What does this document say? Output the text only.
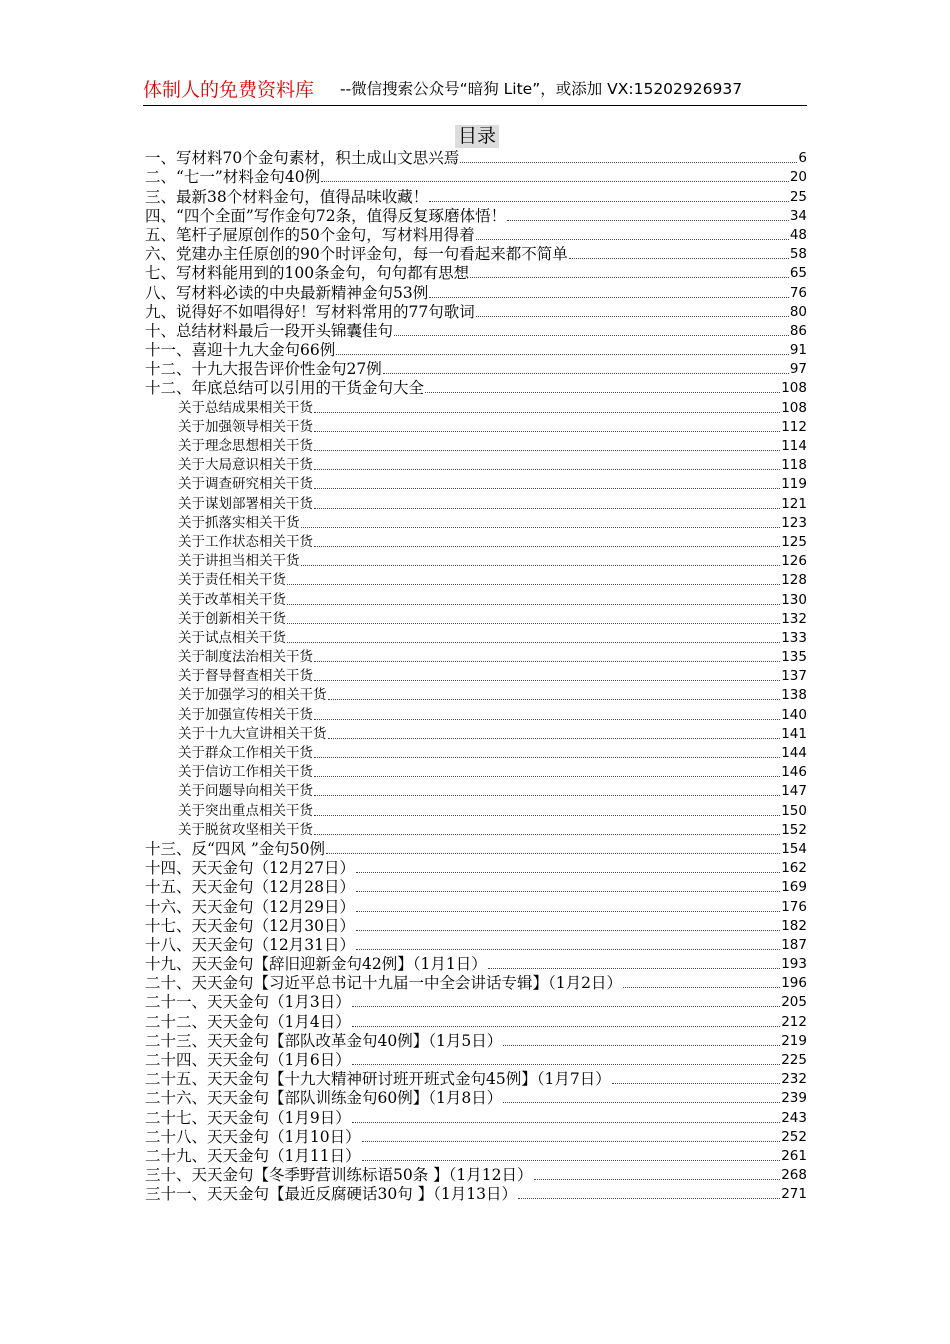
体制人的免费资料库 --微信搜索公众号“暗狗 Lite”，或添加 VX:15202926937
目录
一、写材料70个金句素材，积土成山文思兴焉	6
二、“七一”材料金句40例	20
三、最新38个材料金句，值得品味收藏！	25
四、“四个全面”写作金句72条，值得反复琢磨体悟！	34
五、笔杆子屉原创作的50个金句，写材料用得着	48
六、党建办主任原创的90个时评金句，每一句看起来都不简单	58
七、写材料能用到的100条金句，句句都有思想	65
八、写材料必读的中央最新精神金句53例	76
九、说得好不如唱得好！写材料常用的77句歌词	80
十、总结材料最后一段开头锦囊佳句	86
十一、喜迎十九大金句66例	91
十二、十九大报告评价性金句27例	97
十二、年底总结可以引用的干货金句大全	108
关于总结成果相关干货	108
关于加强领导相关干货	112
关于理念思想相关干货	114
关于大局意识相关干货	118
关于调查研究相关干货	119
关于谋划部署相关干货	121
关于抓落实相关干货	123
关于工作状态相关干货	125
关于讲担当相关干货	126
关于责任相关干货	128
关于改革相关干货	130
关于创新相关干货	132
关于试点相关干货	133
关于制度法治相关干货	135
关于督导督查相关干货	137
关于加强学习的相关干货	138
关于加强宣传相关干货	140
关于十九大宣讲相关干货	141
关于群众工作相关干货	144
关于信访工作相关干货	146
关于问题导向相关干货	147
关于突出重点相关干货	150
关于脱贫攻坚相关干货	152
十三、反“四风 ”金句50例	154
十四、天天金句（12月27日）	162
十五、天天金句（12月28日）	169
十六、天天金句（12月29日）	176
十七、天天金句（12月30日）	182
十八、天天金句（12月31日）	187
十九、天天金句【辞旧迎新金句42例】（1月1日）	193
二十、天天金句【习近平总书记十九届一中全会讲话专辑】（1月2日）	196
二十一、天天金句（1月3日）	205
二十二、天天金句（1月4日）	212
二十三、天天金句【部队改革金句40例】（1月5日）	219
二十四、天天金句（1月6日）	225
二十五、天天金句【十九大精神研讨班开班式金句45例】（1月7日）	232
二十六、天天金句【部队训练金句60例】（1月8日）	239
二十七、天天金句（1月9日）	243
二十八、天天金句（1月10日）	252
二十九、天天金句（1月11日）	261
三十、天天金句【冬季野营训练标语50条 】（1月12日）	268
三十一、天天金句【最近反腐硬话30句 】（1月13日）	271
